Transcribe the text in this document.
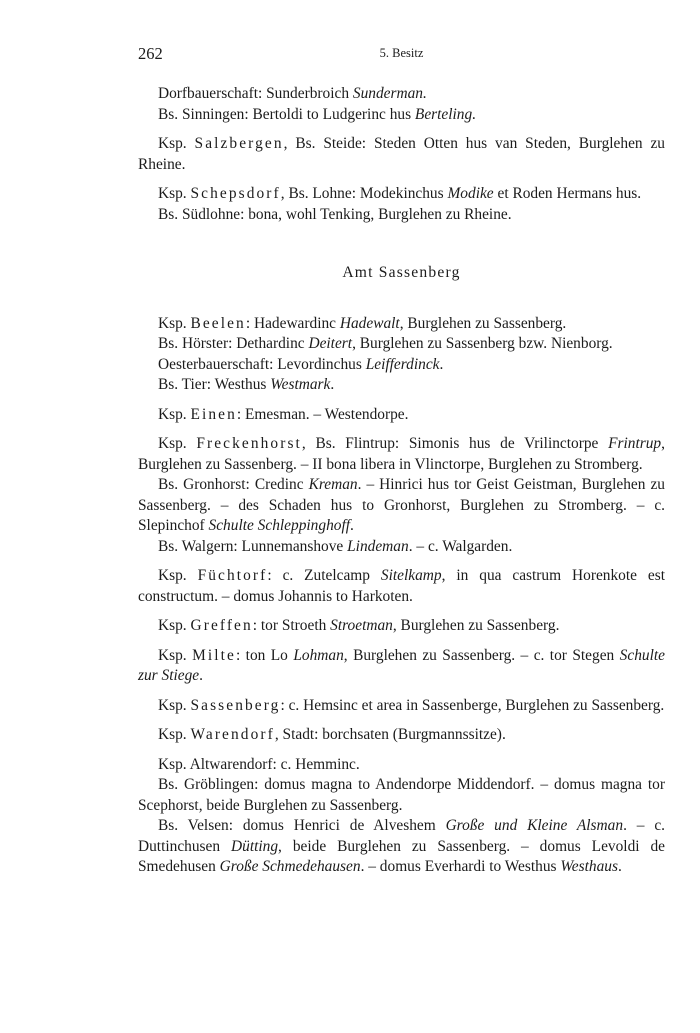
262	5. Besitz

Dorfbauerschaft: Sunderbroich Sunderman.

Bs. Sinningen: Bertoldi to Ludgerinc hus Berteling.

Ksp. Salzbergen, Bs. Steide: Steden Otten hus van Steden, Burglehen zu Rheine.

Ksp. Schepsdorf, Bs. Lohne: Modekinchus Modike et Roden Hermans hus.

Bs. Südlohne: bona, wohl Tenking, Burglehen zu Rheine.

Amt Sassenberg

Ksp. Beelen: Hadewardinc Hadewalt, Burglehen zu Sassenberg.

Bs. Hörster: Dethardinc Deitert, Burglehen zu Sassenberg bzw. Nienborg.

Oesterbauerschaft: Levordinchus Leifferdinck.

Bs. Tier: Westhus Westmark.

Ksp. Einen: Emesman. – Westendorpe.

Ksp. Freckenhorst, Bs. Flintrup: Simonis hus de Vrilinctorpe Frintrup, Burglehen zu Sassenberg. – II bona libera in Vlinctorpe, Burglehen zu Stromberg.

Bs. Gronhorst: Credinc Kreman. – Hinrici hus tor Geist Geistman, Burglehen zu Sassenberg. – des Schaden hus to Gronhorst, Burglehen zu Stromberg. – c. Slepinchof Schulte Schleppinghoff.

Bs. Walgern: Lunnemanshove Lindeman. – c. Walgarden.

Ksp. Füchtorf: c. Zutelcamp Sitelkamp, in qua castrum Horenkote est constructum. – domus Johannis to Harkoten.

Ksp. Greffen: tor Stroeth Stroetman, Burglehen zu Sassenberg.

Ksp. Milte: ton Lo Lohman, Burglehen zu Sassenberg. – c. tor Stegen Schulte zur Stiege.

Ksp. Sassenberg: c. Hemsinc et area in Sassenberge, Burglehen zu Sassenberg.

Ksp. Warendorf, Stadt: borchsaten (Burgmannssitze).

Ksp. Altwarendorf: c. Hemminc.

Bs. Gröblingen: domus magna to Andendorpe Middendorf. – domus magna tor Scephorst, beide Burglehen zu Sassenberg.

Bs. Velsen: domus Henrici de Alveshem Große und Kleine Alsman. – c. Duttinchusen Dütting, beide Burglehen zu Sassenberg. – domus Levoldi de Smedehusen Große Schmedehausen. – domus Everhardi to Westhus Westhaus.
